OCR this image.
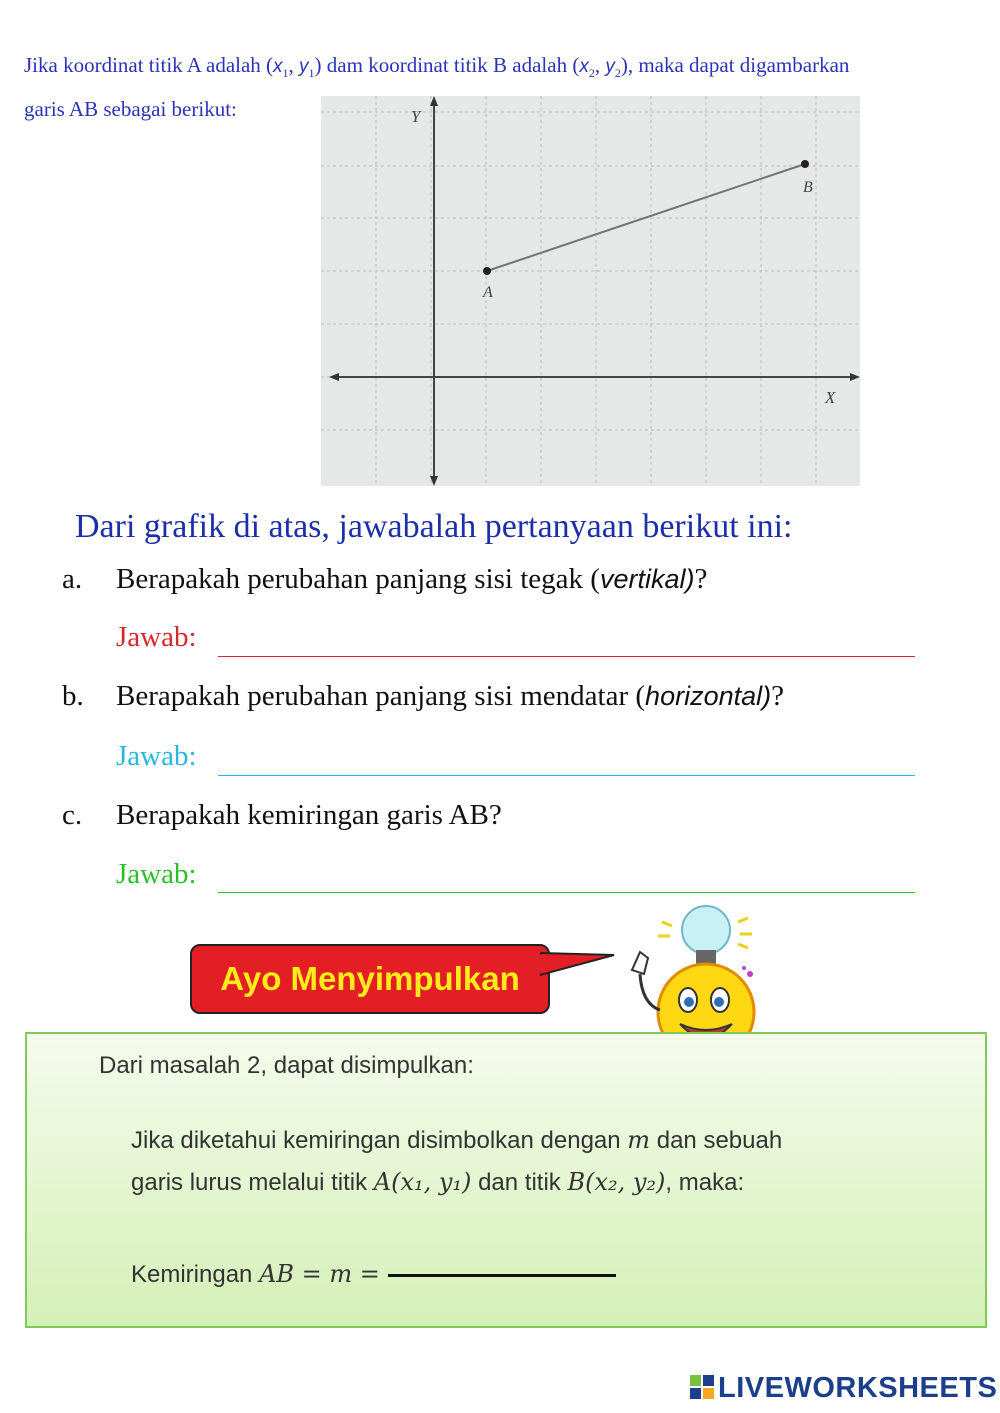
Jika koordinat titik A adalah ($x_1$, $y_1$) dam koordinat titik B adalah ($x_2$, $y_2$), maka dapat digambarkan
garis AB sebagai berikut:	Y
X
A
B
Dari grafik di atas, jawabalah pertanyaan berikut ini:
a. Berapakah perubahan panjang sisi tegak (vertikal)?
Jawab:
b. Berapakah perubahan panjang sisi mendatar (horizontal)?
Jawab:
c. Berapakah kemiringan garis AB?
Jawab:
Ayo Menyimpulkan
Dari masalah 2, dapat disimpulkan:
Jika diketahui kemiringan disimbolkan dengan m dan sebuah
garis lurus melalui titik A(x₁, y₁) dan titik B(x₂, y₂), maka:
Kemiringan AB = m =
LIVEWORKSHEETS
